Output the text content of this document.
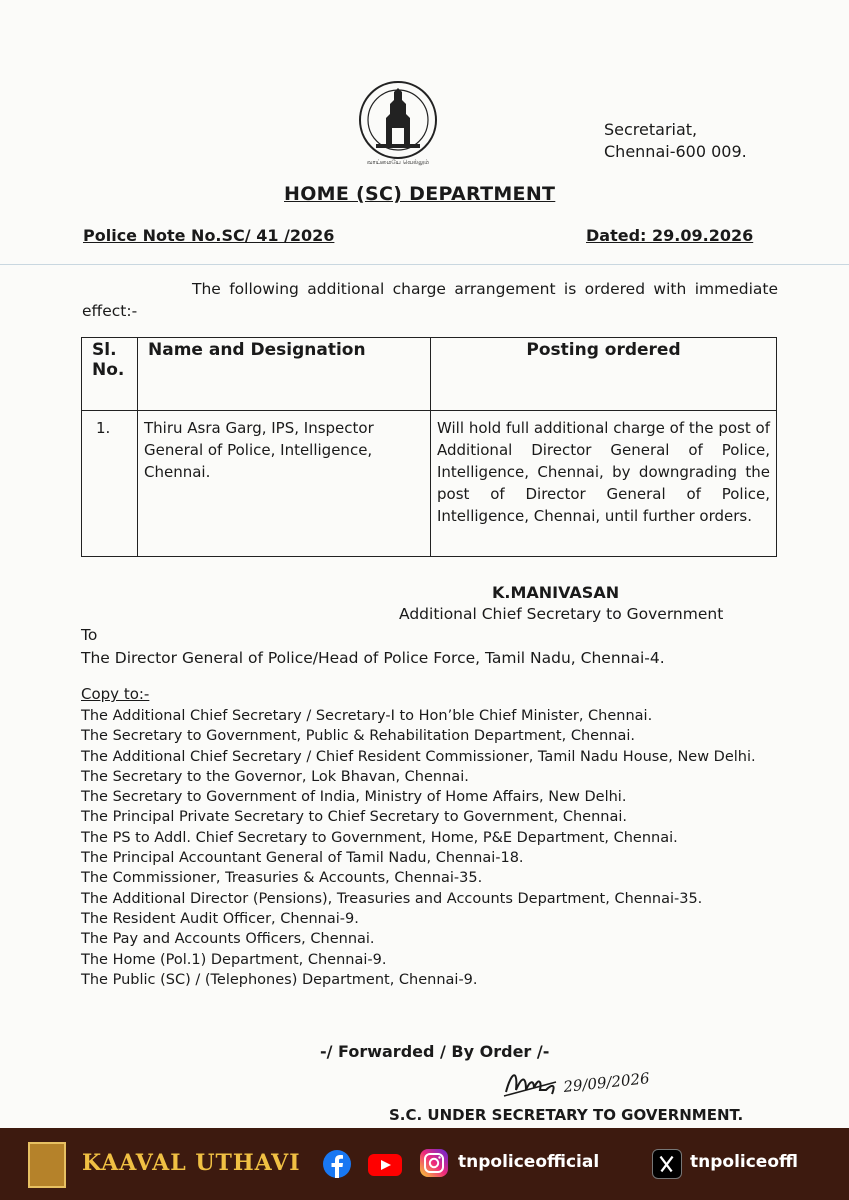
வாய்மையே வெல்லும்
Secretariat,
Chennai-600 009.
HOME (SC) DEPARTMENT
Police Note No.SC/ 41 /2026	Dated: 29.09.2026

The following additional charge arrangement is ordered with immediate effect:-

Sl. No.	Name and Designation	Posting ordered
1.	Thiru Asra Garg, IPS, Inspector General of Police, Intelligence, Chennai.	Will hold full additional charge of the post of Additional Director General of Police, Intelligence, Chennai, by downgrading the post of Director General of Police, Intelligence, Chennai, until further orders.
K.MANIVASAN
Additional Chief Secretary to Government
To
The Director General of Police/Head of Police Force, Tamil Nadu, Chennai-4.
Copy to:-
The Additional Chief Secretary / Secretary-I to Hon’ble Chief Minister, Chennai.
The Secretary to Government, Public & Rehabilitation Department, Chennai.
The Additional Chief Secretary / Chief Resident Commissioner, Tamil Nadu House, New Delhi.
The Secretary to the Governor, Lok Bhavan, Chennai.
The Secretary to Government of India, Ministry of Home Affairs, New Delhi.
The Principal Private Secretary to Chief Secretary to Government, Chennai.
The PS to Addl. Chief Secretary to Government, Home, P&E Department, Chennai.
The Principal Accountant General of Tamil Nadu, Chennai-18.
The Commissioner, Treasuries & Accounts, Chennai-35.
The Additional Director (Pensions), Treasuries and Accounts Department, Chennai-35.
The Resident Audit Officer, Chennai-9.
The Pay and Accounts Officers, Chennai.
The Home (Pol.1) Department, Chennai-9.
The Public (SC) / (Telephones) Department, Chennai-9.
-/ Forwarded / By Order /-
29/09/2026
S.C. UNDER SECRETARY TO GOVERNMENT.
KAAVAL UTHAVI	tnpoliceofficial	tnpoliceoffl
